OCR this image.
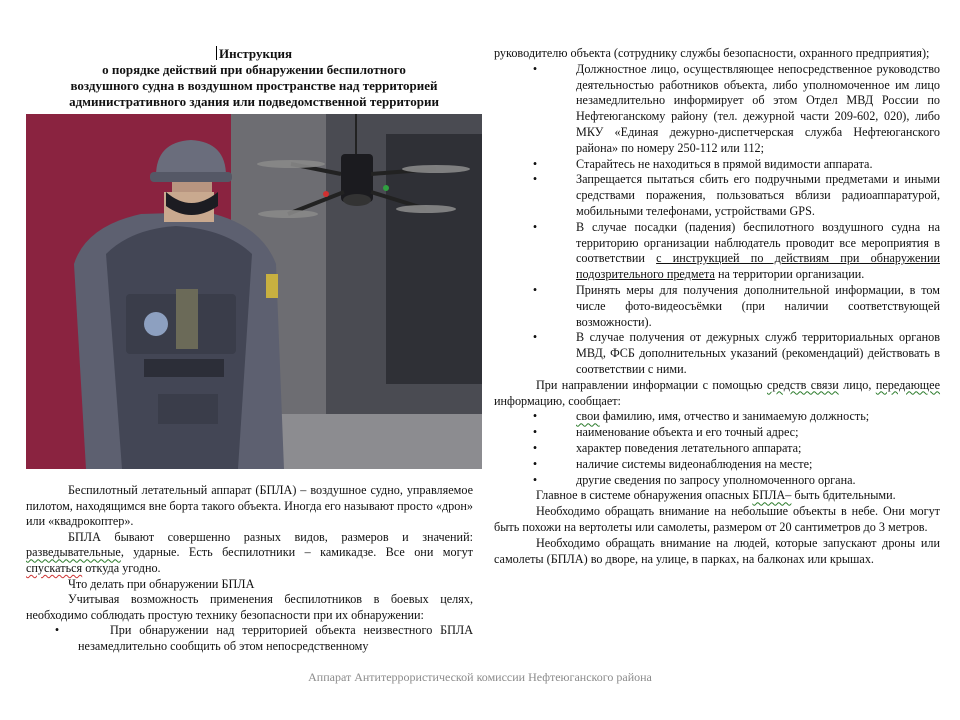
Инструкция
о порядке действий при обнаружении беспилотного
воздушного судна в воздушном пространстве над территорией
административного здания или подведомственной территории

Беспилотный летательный аппарат (БПЛА) – воздушное судно, управляемое пилотом, находящимся вне борта такого объекта. Иногда его называют просто «дрон» или «квадрокоптер».

БПЛА бывают совершенно разных видов, размеров и значений: разведывательные, ударные. Есть беспилотники – камикадзе. Все они могут спускаться откуда угодно.

Что делать при обнаружении БПЛА

Учитывая возможность применения беспилотников в боевых целях, необходимо соблюдать простую технику безопасности при их обнаружении:

•	При обнаружении над территорией объекта неизвестного БПЛА незамедлительно сообщить об этом непосредственному

руководителю объекта (сотруднику службы безопасности, охранного предприятия);

•	Должностное лицо, осуществляющее непосредственное руководство деятельностью работников объекта, либо уполномоченное им лицо незамедлительно информирует об этом Отдел МВД России по Нефтеюганскому району (тел. дежурной части 209-602, 020), либо МКУ «Единая дежурно-диспетчерская служба Нефтеюганского района» по номеру 250-112 или 112;
•	Старайтесь не находиться в прямой видимости аппарата.
•	Запрещается пытаться сбить его подручными предметами и иными средствами поражения, пользоваться вблизи радиоаппаратурой, мобильными телефонами, устройствами GPS.
•	В случае посадки (падения) беспилотного воздушного судна на территорию организации наблюдатель проводит все мероприятия в соответствии с инструкцией по действиям при обнаружении подозрительного предмета на территории организации.
•	Принять меры для получения дополнительной информации, в том числе фото-видеосъёмки (при наличии соответствующей возможности).
•	В случае получения от дежурных служб территориальных органов МВД, ФСБ дополнительных указаний (рекомендаций) действовать в соответствии с ними.

При направлении информации с помощью средств связи лицо, передающее информацию, сообщает:

•	свои фамилию, имя, отчество и занимаемую должность;
•	наименование объекта и его точный адрес;
•	характер поведения летательного аппарата;
•	наличие системы видеонаблюдения на месте;
•	другие сведения по запросу уполномоченного органа.

Главное в системе обнаружения опасных БПЛА– быть бдительными.

Необходимо обращать внимание на небольшие объекты в небе. Они могут быть похожи на вертолеты или самолеты, размером от 20 сантиметров до 3 метров.

Необходимо обращать внимание на людей, которые запускают дроны или самолеты (БПЛА) во дворе, на улице, в парках, на балконах или крышах.

Аппарат Антитеррористической комиссии Нефтеюганского района
